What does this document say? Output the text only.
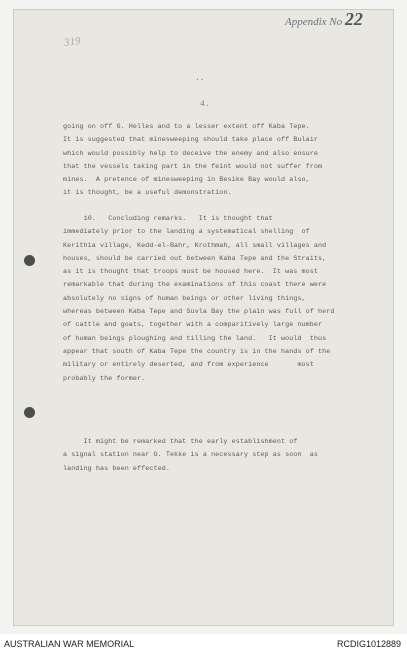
Appendix No 22
319
..
4.

going on off G. Helles and to a lesser extent off Kaba Tepe.
It is suggested that minesweeping should take place off Bulair
which would possibly help to deceive the enemy and also ensure
that the vessels taking part in the feint would not suffer from
mines.  A pretence of minesweeping in Besike Bay would also,
it is thought, be a useful demonstration.

10.   Concluding remarks.   It is thought that
immediately prior to the landing a systematical shelling  of
Kerithia village, Kedd-el-Bahr, Krothmah, all small villages and
houses, should be carried out between Kaba Tepe and the Straits,
as it is thought that troops must be housed here.  It was most
remarkable that during the examinations of this coast there were
absolutely no signs of human beings or other living things,
whereas between Kaba Tepe and Suvla Bay the plain was full of herd
of cattle and goats, together with a comparitively large number
of human beings ploughing and tilling the land.   It would  thus
appear that south of Kaba Tepe the country is in the hands of the
military or entirely deserted, and from experience       most
probably the former.

It might be remarked that the early establishment of
a signal station near G. Tekke is a necessary step as soon  as
landing has been effected.

AUSTRALIAN WAR MEMORIAL	RCDIG1012889
